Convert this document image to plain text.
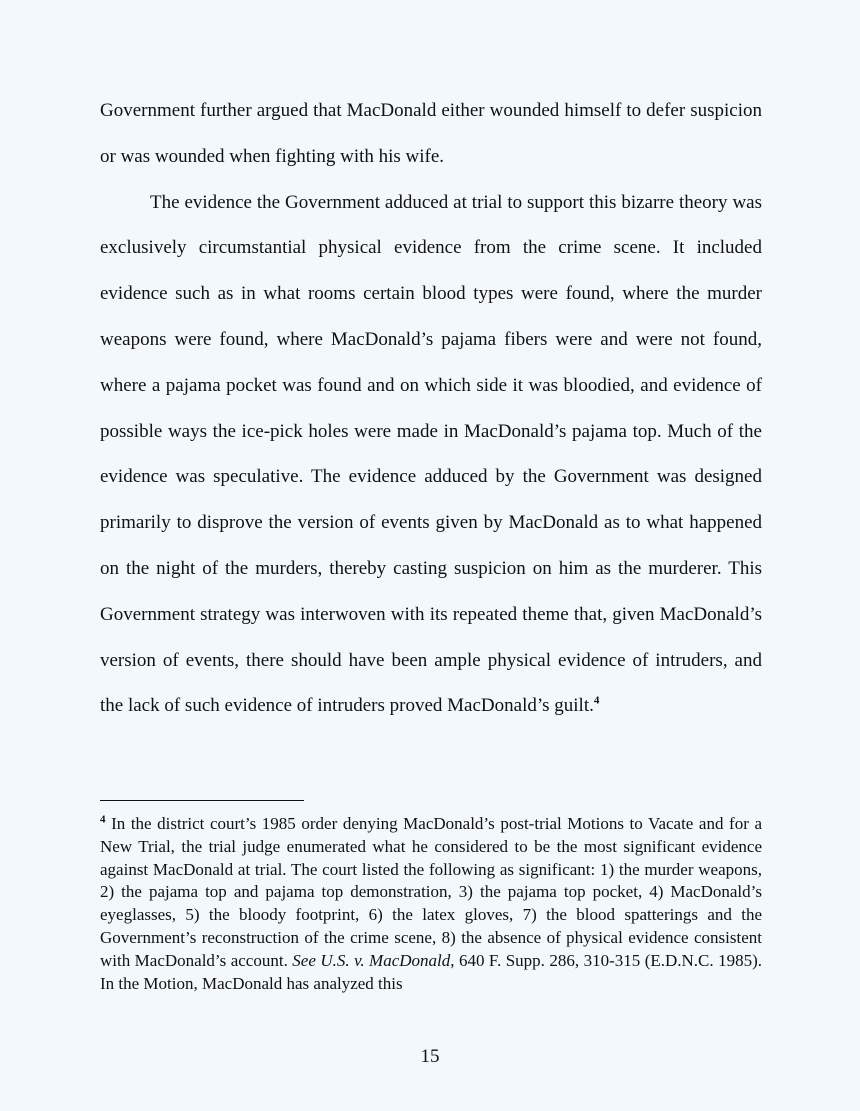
Government further argued that MacDonald either wounded himself to defer suspicion or was wounded when fighting with his wife.

The evidence the Government adduced at trial to support this bizarre theory was exclusively circumstantial physical evidence from the crime scene. It included evidence such as in what rooms certain blood types were found, where the murder weapons were found, where MacDonald’s pajama fibers were and were not found, where a pajama pocket was found and on which side it was bloodied, and evidence of possible ways the ice-pick holes were made in MacDonald’s pajama top. Much of the evidence was speculative. The evidence adduced by the Government was designed primarily to disprove the version of events given by MacDonald as to what happened on the night of the murders, thereby casting suspicion on him as the murderer. This Government strategy was interwoven with its repeated theme that, given MacDonald’s version of events, there should have been ample physical evidence of intruders, and the lack of such evidence of intruders proved MacDonald’s guilt.$^4$

$^4$ In the district court’s 1985 order denying MacDonald’s post-trial Motions to Vacate and for a New Trial, the trial judge enumerated what he considered to be the most significant evidence against MacDonald at trial. The court listed the following as significant: 1) the murder weapons, 2) the pajama top and pajama top demonstration, 3) the pajama top pocket, 4) MacDonald’s eyeglasses, 5) the bloody footprint, 6) the latex gloves, 7) the blood spatterings and the Government’s reconstruction of the crime scene, 8) the absence of physical evidence consistent with MacDonald’s account. See U.S. v. MacDonald, 640 F. Supp. 286, 310-315 (E.D.N.C. 1985). In the Motion, MacDonald has analyzed this

15
